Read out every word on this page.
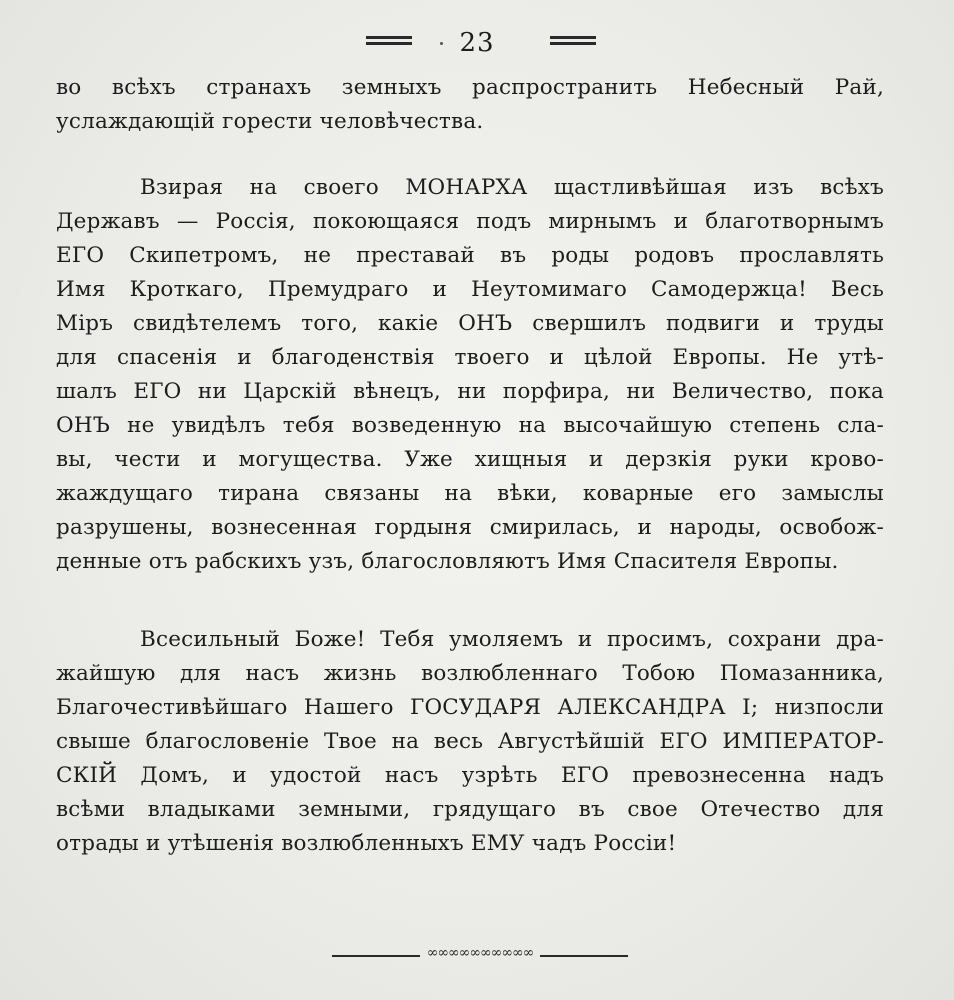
23
во всѣхъ странахъ земныхъ распространить Небесный Рай,
услаждающій горести человѣчества.
Взирая на своего МОНАРХА щастливѣйшая изъ всѣхъ
Державъ — Россія, покоющаяся подъ мирнымъ и благотворнымъ
ЕГО Скипетромъ, не преставай въ роды родовъ прославлять
Имя Кроткаго, Премудраго и Неутомимаго Самодержца! Весь
Міръ свидѣтелемъ того, какіе ОНЪ свершилъ подвиги и труды
для спасенія и благоденствія твоего и цѣлой Европы. Не утѣ-
шалъ ЕГО ни Царскій вѣнецъ, ни порфира, ни Величество, пока
ОНЪ не увидѣлъ тебя возведенную на высочайшую степень сла-
вы, чести и могущества. Уже хищныя и дерзкія руки крово-
жаждущаго тирана связаны на вѣки, коварные его замыслы
разрушены, вознесенная гордыня смирилась, и народы, освобож-
денные отъ рабскихъ узъ, благословляютъ Имя Спасителя Европы.
Всесильный Боже! Тебя умоляемъ и просимъ, сохрани дра-
жайшую для насъ жизнь возлюбленнаго Тобою Помазанника,
Благочестивѣйшаго Нашего ГОСУДАРЯ АЛЕКСАНДРА I; низпосли
свыше благословеніе Твое на весь Августѣйшій ЕГО ИМПЕРАТОР-
СКІЙ Домъ, и удостой насъ узрѣть ЕГО превознесенна надъ
всѣми владыками земными, грядущаго въ свое Отечество для
отрады и утѣшенія возлюбленныхъ ЕМУ чадъ Россіи!
∞∞∞∞∞∞∞∞∞∞
